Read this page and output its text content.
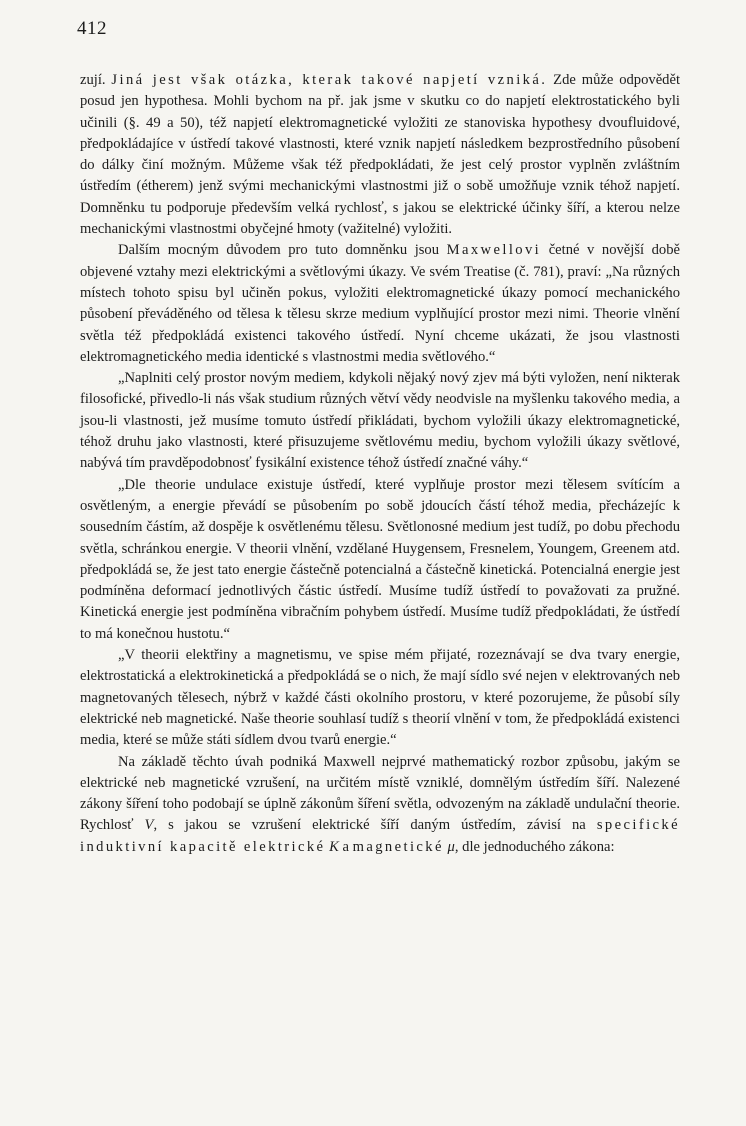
412

zují. Jiná jest však otázka, kterak takové napjetí vzniká. Zde může odpovědět posud jen hypothesa. Mohli bychom na př. jak jsme v skutku co do napjetí elektrostatického byli učinili (§. 49 a 50), též napjetí elektromagnetické vyložiti ze stanoviska hypothesy dvoufluidové, předpokládajíce v ústředí takové vlastnosti, které vznik napjetí následkem bezprostředního působení do dálky činí možným. Můžeme však též předpokládati, že jest celý prostor vyplněn zvláštním ústředím (étherem) jenž svými mechanickými vlastnostmi již o sobě umožňuje vznik téhož napjetí. Domněnku tu podporuje především velká rychlosť, s jakou se elektrické účinky šíří, a kterou nelze mechanickými vlastnostmi obyčejné hmoty (važitelné) vyložiti.

Dalším mocným důvodem pro tuto domněnku jsou Maxwellovi četné v novější době objevené vztahy mezi elektrickými a světlovými úkazy. Ve svém Treatise (č. 781), praví: „Na různých místech tohoto spisu byl učiněn pokus, vyložiti elektromagnetické úkazy pomocí mechanického působení převáděného od tělesa k tělesu skrze medium vyplňující prostor mezi nimi. Theorie vlnění světla též předpokládá existenci takového ústředí. Nyní chceme ukázati, že jsou vlastnosti elektromagnetického media identické s vlastnostmi media světlového.“

„Naplniti celý prostor novým mediem, kdykoli nějaký nový zjev má býti vyložen, není nikterak filosofické, přivedlo-li nás však studium různých větví vědy neodvisle na myšlenku takového media, a jsou-li vlastnosti, jež musíme tomuto ústředí přikládati, bychom vyložili úkazy elektromagnetické, téhož druhu jako vlastnosti, které přisuzujeme světlovému mediu, bychom vyložili úkazy světlové, nabývá tím pravděpodobnosť fysikální existence téhož ústředí značné váhy.“

„Dle theorie undulace existuje ústředí, které vyplňuje prostor mezi tělesem svítícím a osvětleným, a energie převádí se působením po sobě jdoucích částí téhož media, přecházejíc k sousedním částím, až dospěje k osvětlenému tělesu. Světlonosné medium jest tudíž, po dobu přechodu světla, schránkou energie. V theorii vlnění, vzdělané Huygensem, Fresnelem, Youngem, Greenem atd. předpokládá se, že jest tato energie částečně potencialná a částečně kinetická. Potencialná energie jest podmíněna deformací jednotlivých částic ústředí. Musíme tudíž ústředí to považovati za pružné. Kinetická energie jest podmíněna vibračním pohybem ústředí. Musíme tudíž předpokládati, že ústředí to má konečnou hustotu.“

„V theorii elektřiny a magnetismu, ve spise mém přijaté, rozeznávají se dva tvary energie, elektrostatická a elektrokinetická a předpokládá se o nich, že mají sídlo své nejen v elektrovaných neb magnetovaných tělesech, nýbrž v každé části okolního prostoru, v které pozorujeme, že působí síly elektrické neb magnetické. Naše theorie souhlasí tudíž s theorií vlnění v tom, že předpokládá existenci media, které se může státi sídlem dvou tvarů energie.“

Na základě těchto úvah podniká Maxwell nejprvé mathematický rozbor způsobu, jakým se elektrické neb magnetické vzrušení, na určitém místě vzniklé, domnělým ústředím šíří. Nalezené zákony šíření toho podobají se úplně zákonům šíření světla, odvozeným na základě undulační theorie. Rychlosť V, s jakou se vzrušení elektrické šíří daným ústředím, závisí na specifické induktivní kapacitě elektrické K a magnetické μ, dle jednoduchého zákona:
